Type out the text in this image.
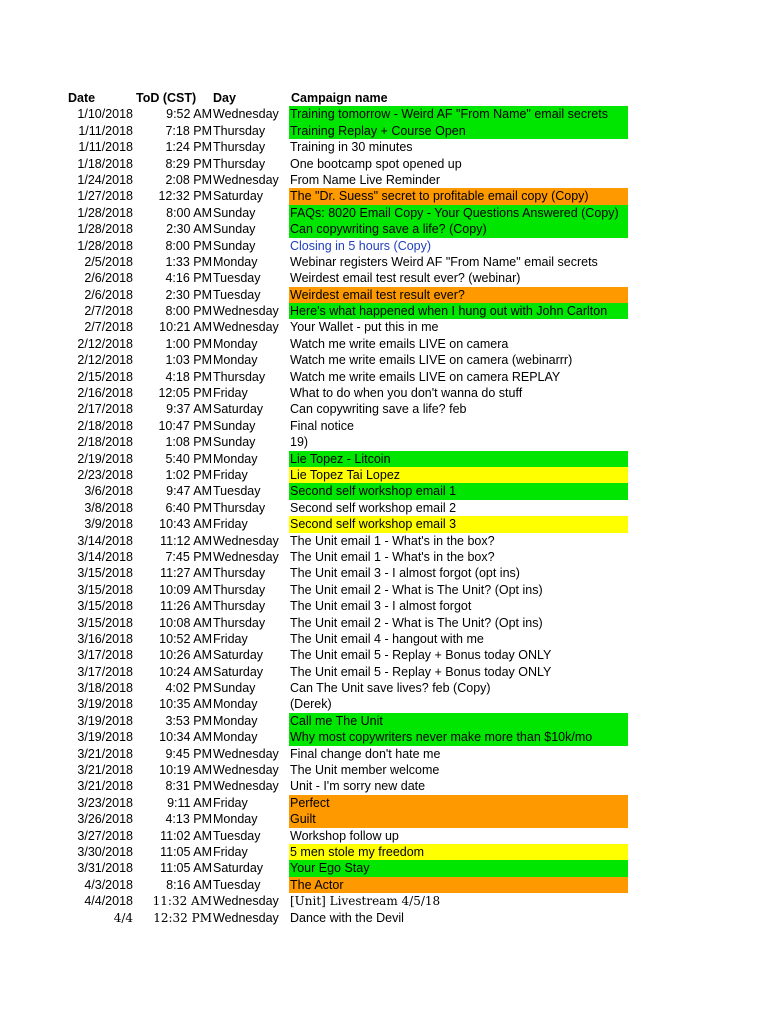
Date	ToD (CST)	Day	Campaign name
1/10/2018	9:52 AM Wednesday Training tomorrow - Weird AF "From Name" email secrets
1/11/2018	7:18 PM Thursday	Training Replay + Course Open
1/11/2018	1:24 PM Thursday	Training in 30 minutes
1/18/2018	8:29 PM Thursday	One bootcamp spot opened up
1/24/2018	2:08 PM Wednesday From Name Live Reminder
1/27/2018	12:32 PM Saturday	The "Dr. Suess" secret to profitable email copy (Copy)
1/28/2018	8:00 AM Sunday	FAQs: 8020 Email Copy - Your Questions Answered (Copy)
1/28/2018	2:30 AM Sunday	Can copywriting save a life? (Copy)
1/28/2018	8:00 PM Sunday	Closing in 5 hours (Copy)
2/5/2018	1:33 PM Monday	Webinar registers Weird AF "From Name" email secrets
2/6/2018	4:16 PM Tuesday	Weirdest email test result ever? (webinar)
2/6/2018	2:30 PM Tuesday	Weirdest email test result ever?
2/7/2018	8:00 PM Wednesday Here's what happened when I hung out with John Carlton
2/7/2018	10:21 AM Wednesday Your Wallet - put this in me
2/12/2018	1:00 PM Monday	Watch me write emails LIVE on camera
2/12/2018	1:03 PM Monday	Watch me write emails LIVE on camera (webinarrr)
2/15/2018	4:18 PM Thursday	Watch me write emails LIVE on camera REPLAY
2/16/2018	12:05 PM Friday	What to do when you don't wanna do stuff
2/17/2018	9:37 AM Saturday	Can copywriting save a life? feb
2/18/2018	10:47 PM Sunday	Final notice
2/18/2018	1:08 PM Sunday	19)
2/19/2018	5:40 PM Monday	Lie Topez - Litcoin
2/23/2018	1:02 PM Friday	Lie Topez Tai Lopez
3/6/2018	9:47 AM Tuesday	Second self workshop email 1
3/8/2018	6:40 PM Thursday	Second self workshop email 2
3/9/2018	10:43 AM Friday	Second self workshop email 3
3/14/2018	11:12 AM Wednesday The Unit email 1 - What's in the box?
3/14/2018	7:45 PM Wednesday The Unit email 1 - What's in the box?
3/15/2018	11:27 AM Thursday	The Unit email 3 - I almost forgot (opt ins)
3/15/2018	10:09 AM Thursday	The Unit email 2 - What is The Unit? (Opt ins)
3/15/2018	11:26 AM Thursday	The Unit email 3 - I almost forgot
3/15/2018	10:08 AM Thursday	The Unit email 2 - What is The Unit? (Opt ins)
3/16/2018	10:52 AM Friday	The Unit email 4 - hangout with me
3/17/2018	10:26 AM Saturday	The Unit email 5 - Replay + Bonus today ONLY
3/17/2018	10:24 AM Saturday	The Unit email 5 - Replay + Bonus today ONLY
3/18/2018	4:02 PM Sunday	Can The Unit save lives? feb (Copy)
3/19/2018	10:35 AM Monday	(Derek)
3/19/2018	3:53 PM Monday	Call me The Unit
3/19/2018	10:34 AM Monday	Why most copywriters never make more than $10k/mo
3/21/2018	9:45 PM Wednesday Final change don't hate me
3/21/2018	10:19 AM Wednesday The Unit member welcome
3/21/2018	8:31 PM Wednesday Unit - I'm sorry new date
3/23/2018	9:11 AM Friday	Perfect
3/26/2018	4:13 PM Monday	Guilt
3/27/2018	11:02 AM Tuesday	Workshop follow up
3/30/2018	11:05 AM Friday	5 men stole my freedom
3/31/2018	11:05 AM Saturday	Your Ego Stay
4/3/2018	8:16 AM Tuesday	The Actor
4/4/2018	11:32 AM Wednesday [Unit] Livestream 4/5/18
4/4	12:32 PM Wednesday Dance with the Devil
